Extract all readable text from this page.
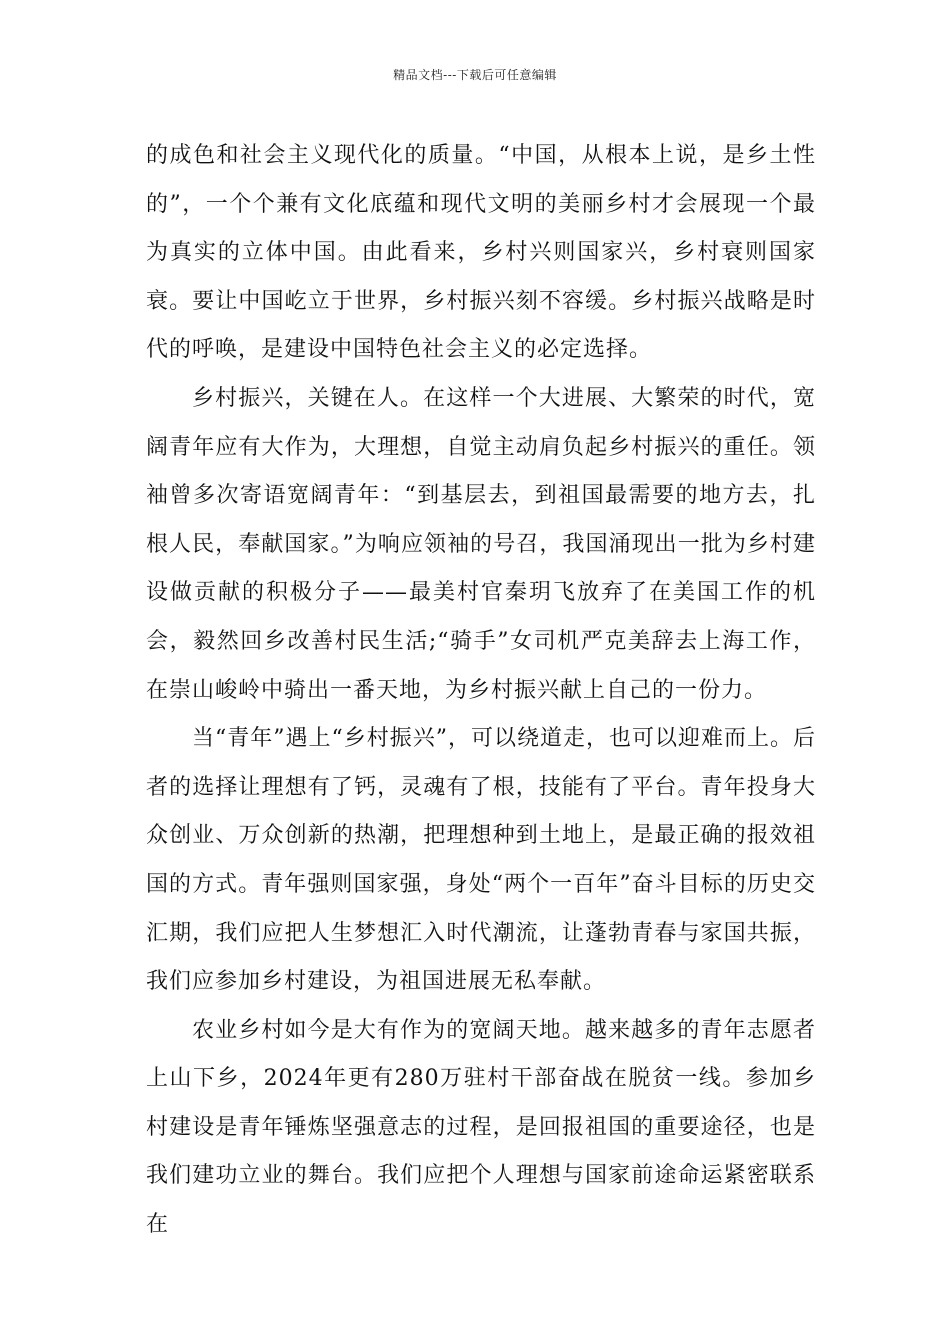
精品文档---下载后可任意编辑

的成色和社会主义现代化的质量。“中国，从根本上说，是乡土性的”，一个个兼有文化底蕴和现代文明的美丽乡村才会展现一个最为真实的立体中国。由此看来，乡村兴则国家兴，乡村衰则国家衰。要让中国屹立于世界，乡村振兴刻不容缓。乡村振兴战略是时代的呼唤，是建设中国特色社会主义的必定选择。

乡村振兴，关键在人。在这样一个大进展、大繁荣的时代，宽阔青年应有大作为，大理想，自觉主动肩负起乡村振兴的重任。领袖曾多次寄语宽阔青年：“到基层去，到祖国最需要的地方去，扎根人民，奉献国家。”为响应领袖的号召，我国涌现出一批为乡村建设做贡献的积极分子——最美村官秦玥飞放弃了在美国工作的机会，毅然回乡改善村民生活;“骑手”女司机严克美辞去上海工作，在崇山峻岭中骑出一番天地，为乡村振兴献上自己的一份力。

当“青年”遇上“乡村振兴”，可以绕道走，也可以迎难而上。后者的选择让理想有了钙，灵魂有了根，技能有了平台。青年投身大众创业、万众创新的热潮，把理想种到土地上，是最正确的报效祖国的方式。青年强则国家强，身处“两个一百年”奋斗目标的历史交汇期，我们应把人生梦想汇入时代潮流，让蓬勃青春与家国共振，我们应参加乡村建设，为祖国进展无私奉献。

农业乡村如今是大有作为的宽阔天地。越来越多的青年志愿者上山下乡，2024年更有280万驻村干部奋战在脱贫一线。参加乡村建设是青年锤炼坚强意志的过程，是回报祖国的重要途径，也是我们建功立业的舞台。我们应把个人理想与国家前途命运紧密联系在
